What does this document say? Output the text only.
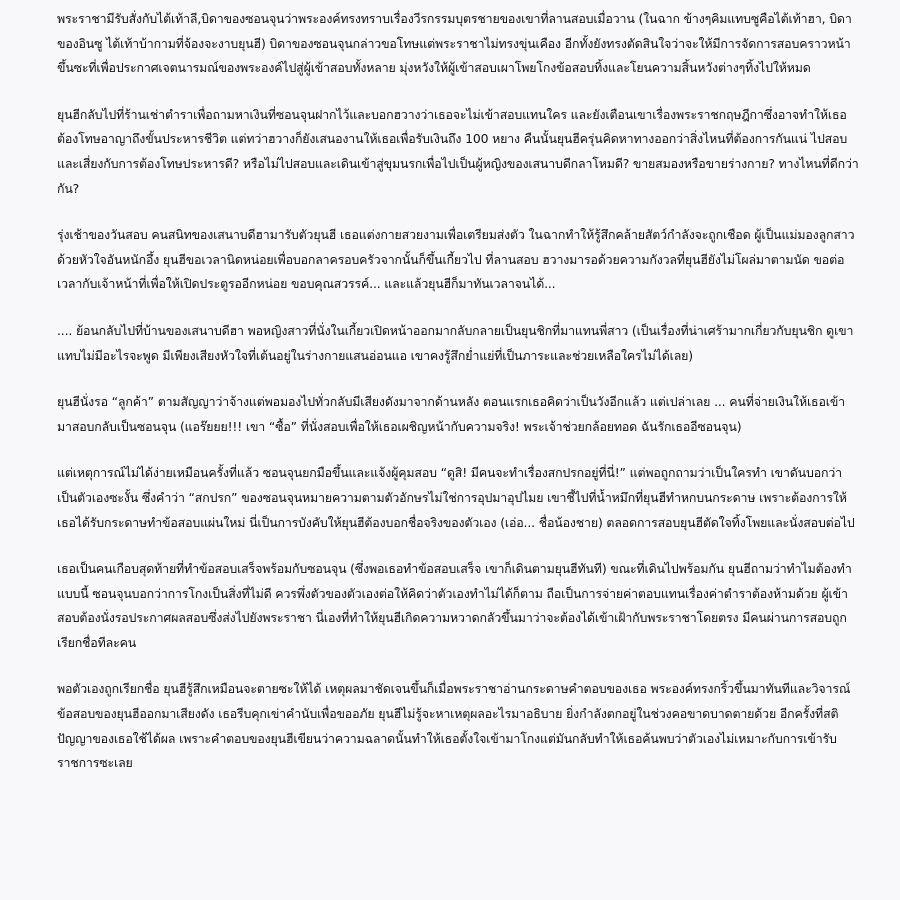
พระราชามีรับสั่งกับไต้เท้าลี,บิดาของซอนจุนว่าพระองค์ทรงทราบเรื่องวีรกรรมบุตรชายของเขาที่ลานสอบเมื่อวาน (ในฉาก ข้างๆคิมแทบซูคือไต้เท้าฮา, บิดาของอินซู ไต้เท้าบ้ากามที่จ้องจะงาบยุนฮี) บิดาของซอนจุนกล่าวขอโทษแต่พระราชาไม่ทรงขุ่นเคือง อีกทั้งยังทรงตัดสินใจว่าจะให้มีการจัดการสอบคราวหน้าขึ้นซะที่เพื่อประกาศเจตนารมณ์ของพระองค์ไปสู่ผู้เข้าสอบทั้งหลาย มุ่งหวังให้ผู้เข้าสอบเผาโพยโกงข้อสอบทิ้งและโยนความสิ้นหวังต่างๆทิ้งไปให้หมด

ยุนฮีกลับไปที่ร้านเช่าตำราเพื่อถามหาเงินที่ซอนจุนฝากไว้และบอกฮวางว่าเธอจะไม่เข้าสอบแทนใคร และยังเตือนเขาเรื่องพระราชกฤษฎีกาซึ่งอาจทำให้เธอต้องโทษอาญาถึงขั้นประหารชีวิต แต่ทว่าฮวางก็ยังเสนองานให้เธอเพื่อรับเงินถึง 100 หยาง คืนนั้นยุนฮีครุ่นคิดหาทางออกว่าสิ่งไหนที่ต้องการกันแน่ ไปสอบและเสี่ยงกับการต้องโทษประหารดี? หรือไม่ไปสอบและเดินเข้าสู่ขุมนรกเพื่อไปเป็นผู้หญิงของเสนาบดีกลาโหมดี? ขายสมองหรือขายร่างกาย? ทางไหนที่ดีกว่ากัน?

รุ่งเช้าของวันสอบ คนสนิทของเสนาบดีฮามารับตัวยุนฮี เธอแต่งกายสวยงามเพื่อเตรียมส่งตัว ในฉากทำให้รู้สึกคล้ายสัตว์กำลังจะถูกเชือด ผู้เป็นแม่มองลูกสาวด้วยหัวใจอันหนักอึ้ง ยุนฮีขอเวลานิดหน่อยเพื่อบอกลาครอบครัวจากนั้นก็ขึ้นเกี้ยวไป ที่ลานสอบ ฮวางมารอด้วยความกังวลที่ยุนฮียังไม่โผล่มาตามนัด ขอต่อเวลากับเจ้าหน้าที่เพื่อให้เปิดประตูรออีกหน่อย ขอบคุณสวรรค์... และแล้วยุนฮีก็มาทันเวลาจนได้...

.... ย้อนกลับไปที่บ้านของเสนาบดีฮา พอหญิงสาวที่นั่งในเกี้ยวเปิดหน้าออกมากลับกลายเป็นยุนชิกที่มาแทนพี่สาว (เป็นเรื่องที่น่าเศร้ามากเกี่ยวกับยุนชิก ดูเขาแทบไม่มีอะไรจะพูด มีเพียงเสียงหัวใจที่เต้นอยู่ในร่างกายแสนอ่อนแอ เขาคงรู้สึกย่ำแย่ที่เป็นภาระและช่วยเหลือใครไม่ได้เลย)

ยุนฮีนั่งรอ “ลูกค้า” ตามสัญญาว่าจ้างแต่พอมองไปทั่วกลับมีเสียงดังมาจากด้านหลัง ตอนแรกเธอคิดว่าเป็นวังอีกแล้ว แต่เปล่าเลย ... คนที่จ่ายเงินให้เธอเข้ามาสอบกลับเป็นซอนจุน (แอร๊ยยย!!! เขา “ซื้อ” ที่นั่งสอบเพื่อให้เธอเผชิญหน้ากับความจริง! พระเจ้าช่วยกล้อยทอด ฉันรักเธออีซอนจุน)

แต่เหตุการณ์ไม่ได้ง่ายเหมือนครั้งที่แล้ว ซอนจุนยกมือขึ้นและแจ้งผู้คุมสอบ “ดูสิ! มีคนจะทำเรื่องสกปรกอยู่ที่นี่!” แต่พอถูกถามว่าเป็นใครทำ เขาดันบอกว่าเป็นตัวเองซะงั้น ซึ่งคำว่า “สกปรก” ของซอนจุนหมายความตามตัวอักษรไม่ใช่การอุปมาอุปไมย เขาชี้ไปที่น้ำหมึกที่ยุนฮีทำหกบนกระดาษ เพราะต้องการให้เธอได้รับกระดาษทำข้อสอบแผ่นใหม่ นี่เป็นการบังคับให้ยุนฮีต้องบอกชื่อจริงของตัวเอง (เอ่อ... ชื่อน้องชาย) ตลอดการสอบยุนฮีตัดใจทิ้งโพยและนั่งสอบต่อไป

เธอเป็นคนเกือบสุดท้ายที่ทำข้อสอบเสร็จพร้อมกับซอนจุน (ซึ่งพอเธอทำข้อสอบเสร็จ เขาก็เดินตามยุนฮีทันที) ขณะที่เดินไปพร้อมกัน ยุนฮีถามว่าทำไมต้องทำแบบนี้ ซอนจุนบอกว่าการโกงเป็นสิ่งที่ไม่ดี ควรพึ่งตัวของตัวเองต่อให้คิดว่าตัวเองทำไม่ได้ก็ตาม ถือเป็นการจ่ายค่าตอบแทนเรื่องค่าตำราต้องห้ามด้วย ผู้เข้าสอบต้องนั่งรอประกาศผลสอบซึ่งส่งไปยังพระราชา นี่เองที่ทำให้ยุนฮีเกิดความหวาดกลัวขึ้นมาว่าจะต้องได้เข้าเฝ้ากับพระราชาโดยตรง มีคนผ่านการสอบถูกเรียกชื่อทีละคน

พอตัวเองถูกเรียกชื่อ ยุนฮีรู้สึกเหมือนจะตายซะให้ได้ เหตุผลมาชัดเจนขึ้นก็เมื่อพระราชาอ่านกระดาษคำตอบของเธอ พระองค์ทรงกริ้วขึ้นมาทันทีและวิจารณ์ข้อสอบของยุนฮีออกมาเสียงดัง เธอรีบคุกเข่าคำนับเพื่อขออภัย ยุนฮีไม่รู้จะหาเหตุผลอะไรมาอธิบาย ยิ่งกำลังตกอยู่ในช่วงคอขาดบาดตายด้วย อีกครั้งที่สติปัญญาของเธอใช้ได้ผล เพราะคำตอบของยุนฮีเขียนว่าความฉลาดนั้นทำให้เธอตั้งใจเข้ามาโกงแต่มันกลับทำให้เธอค้นพบว่าตัวเองไม่เหมาะกับการเข้ารับราชการซะเลย
